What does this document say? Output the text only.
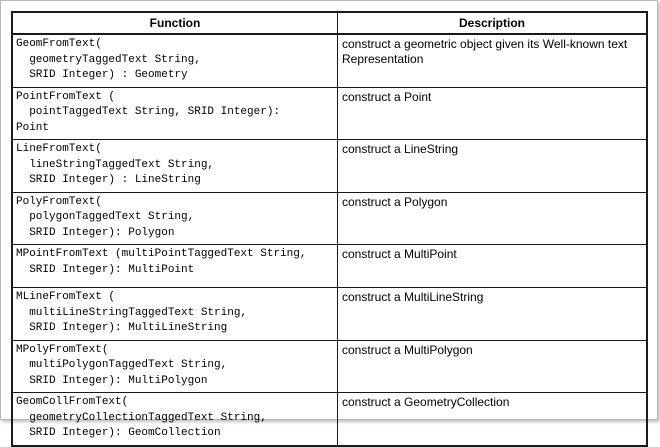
Function	Description
GeomFromText(
geometryTaggedText String,
SRID Integer) : Geometry	construct a geometric object given its Well-known text Representation
PointFromText (
pointTaggedText String, SRID Integer):
Point	construct a Point
LineFromText(
lineStringTaggedText String,
SRID Integer) : LineString	construct a LineString
PolyFromText(
polygonTaggedText String,
SRID Integer): Polygon	construct a Polygon
MPointFromText (multiPointTaggedText String,
SRID Integer): MultiPoint	construct a MultiPoint
MLineFromText (
multiLineStringTaggedText String,
SRID Integer): MultiLineString	construct a MultiLineString
MPolyFromText(
multiPolygonTaggedText String,
SRID Integer): MultiPolygon	construct a MultiPolygon
GeomCollFromText(
geometryCollectionTaggedText String,
SRID Integer): GeomCollection	construct a GeometryCollection
